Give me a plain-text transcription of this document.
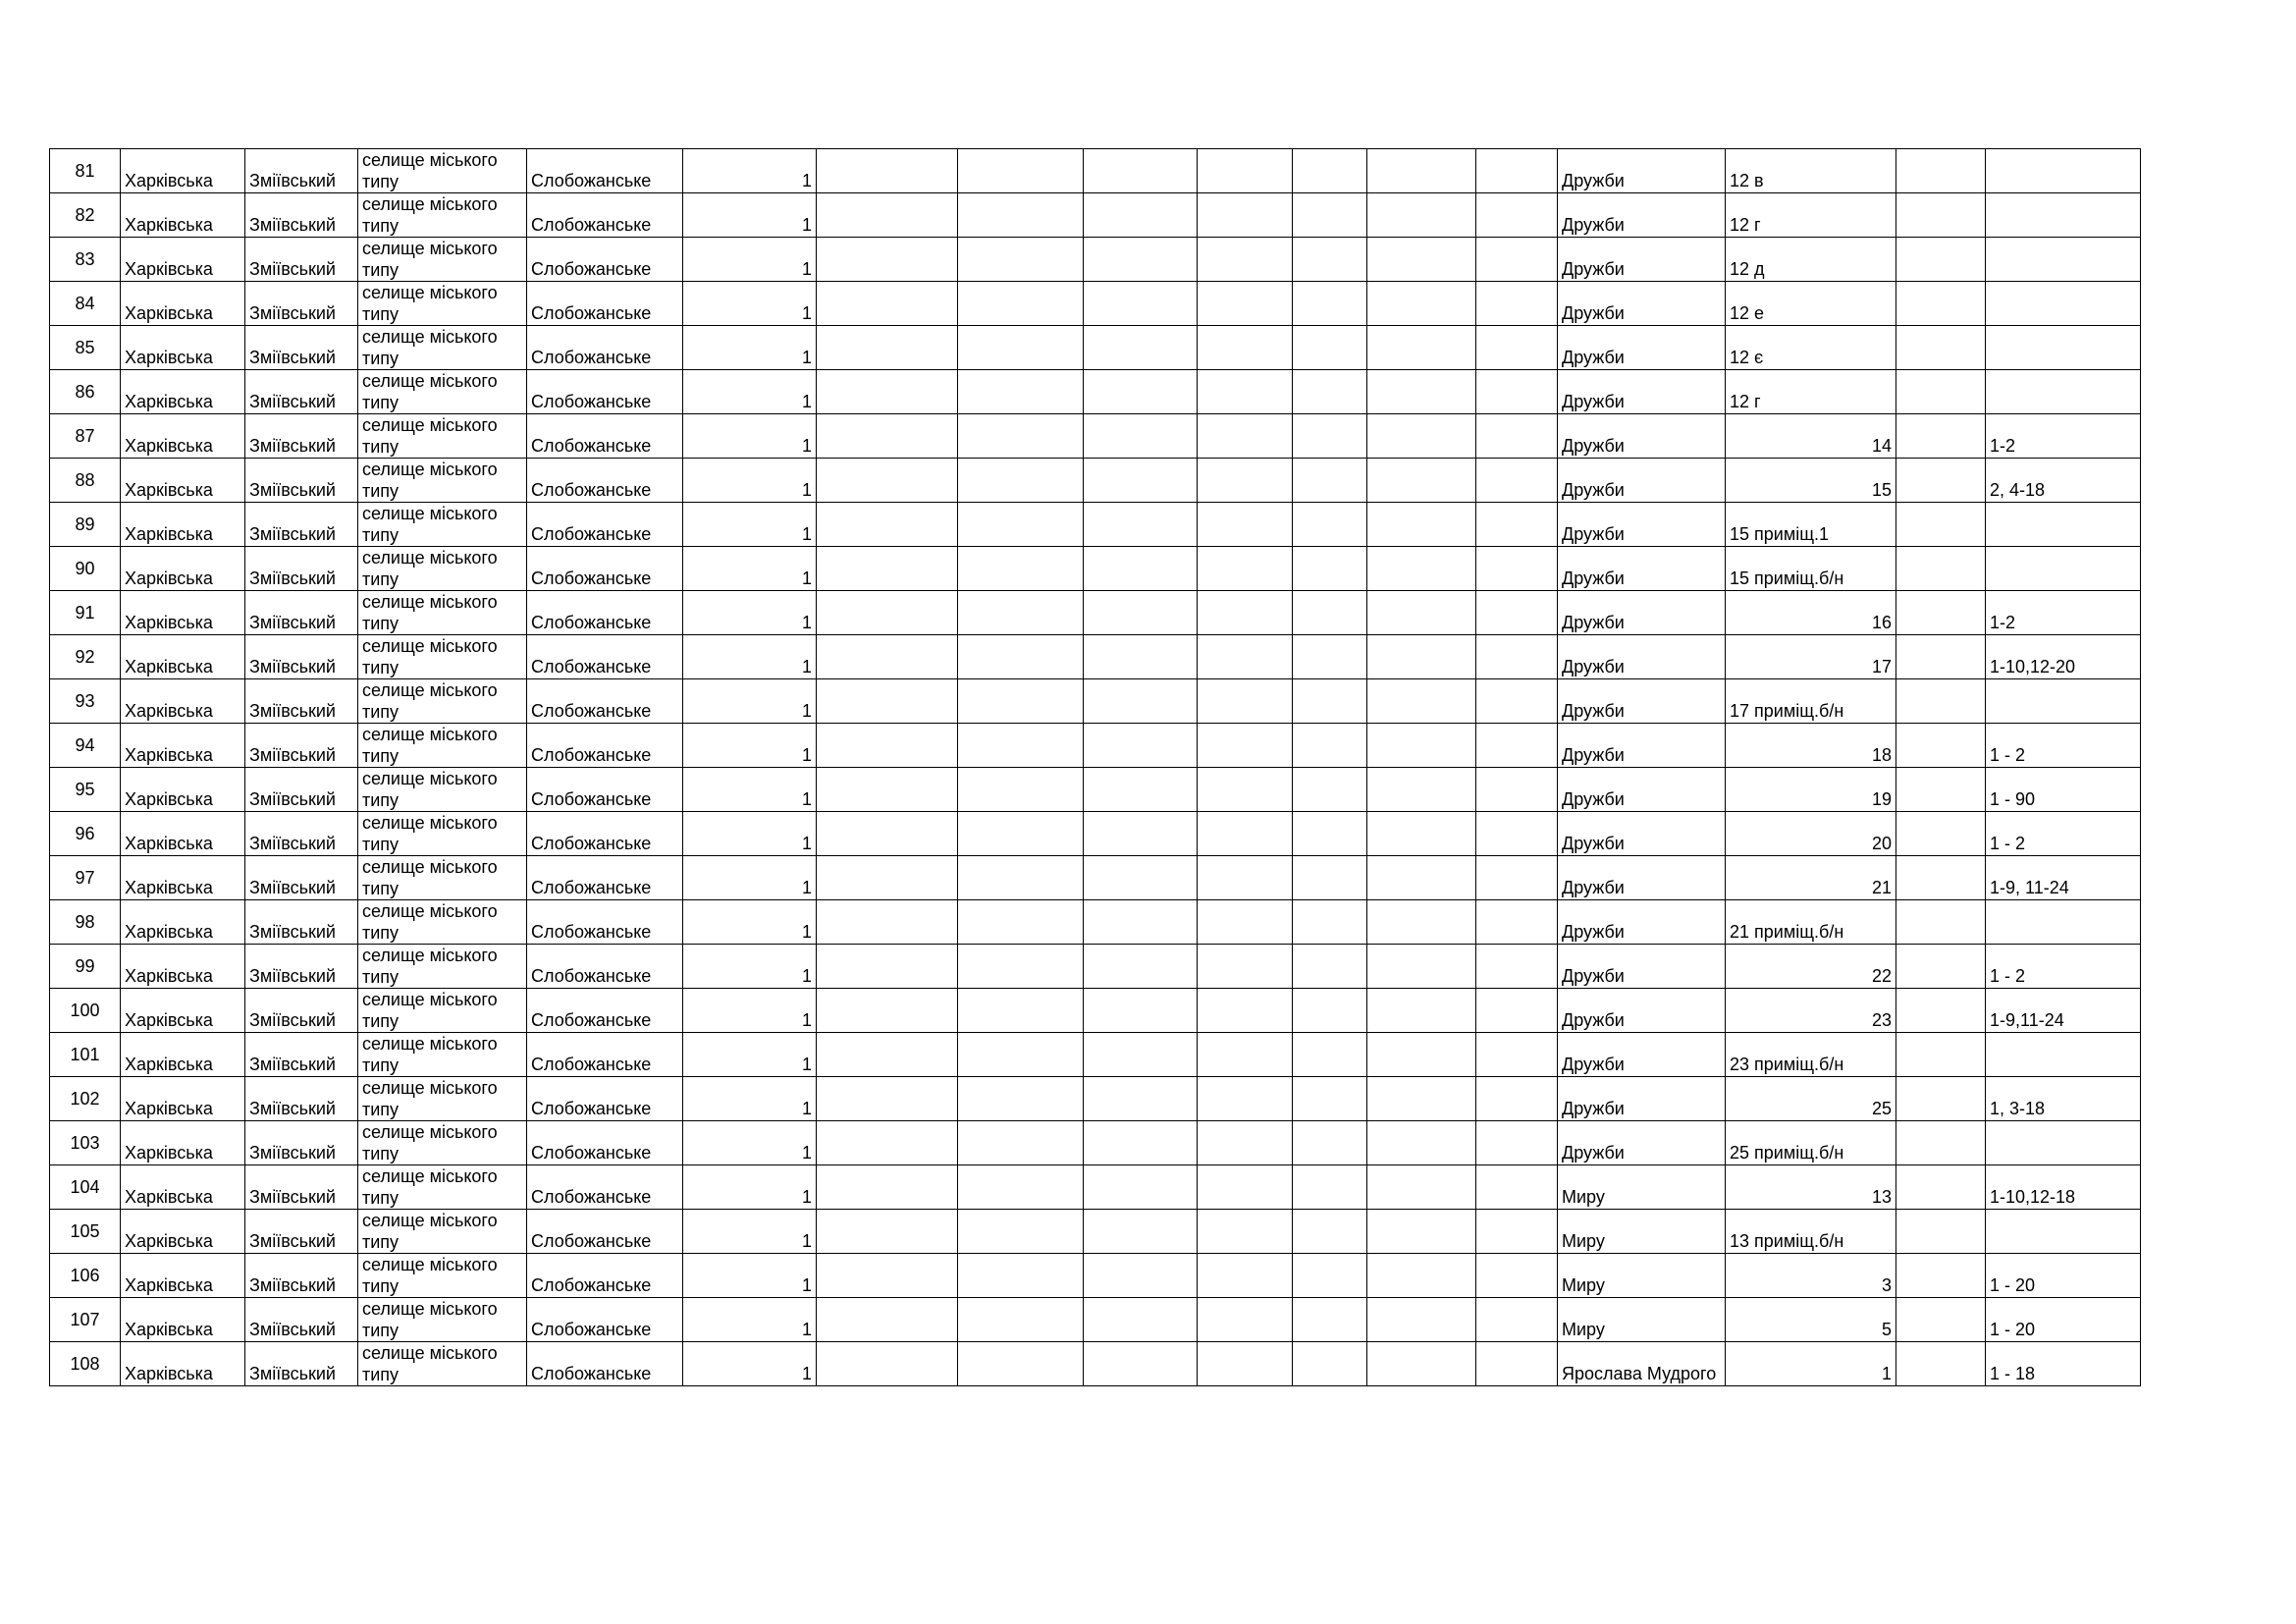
81	Харківська	Зміївський	селище міського типу	Слобожанське	1								Дружби	12 в		
82	Харківська	Зміївський	селище міського типу	Слобожанське	1								Дружби	12 г		
83	Харківська	Зміївський	селище міського типу	Слобожанське	1								Дружби	12 д		
84	Харківська	Зміївський	селище міського типу	Слобожанське	1								Дружби	12 е		
85	Харківська	Зміївський	селище міського типу	Слобожанське	1								Дружби	12 є		
86	Харківська	Зміївський	селище міського типу	Слобожанське	1								Дружби	12 г		
87	Харківська	Зміївський	селище міського типу	Слобожанське	1								Дружби	14		1-2
88	Харківська	Зміївський	селище міського типу	Слобожанське	1								Дружби	15		2, 4-18
89	Харківська	Зміївський	селище міського типу	Слобожанське	1								Дружби	15 приміщ.1		
90	Харківська	Зміївський	селище міського типу	Слобожанське	1								Дружби	15 приміщ.б/н		
91	Харківська	Зміївський	селище міського типу	Слобожанське	1								Дружби	16		1-2
92	Харківська	Зміївський	селище міського типу	Слобожанське	1								Дружби	17		1-10,12-20
93	Харківська	Зміївський	селище міського типу	Слобожанське	1								Дружби	17 приміщ.б/н		
94	Харківська	Зміївський	селище міського типу	Слобожанське	1								Дружби	18		1 - 2
95	Харківська	Зміївський	селище міського типу	Слобожанське	1								Дружби	19		1 - 90
96	Харківська	Зміївський	селище міського типу	Слобожанське	1								Дружби	20		1 - 2
97	Харківська	Зміївський	селище міського типу	Слобожанське	1								Дружби	21		1-9, 11-24
98	Харківська	Зміївський	селище міського типу	Слобожанське	1								Дружби	21 приміщ.б/н		
99	Харківська	Зміївський	селище міського типу	Слобожанське	1								Дружби	22		1 - 2
100	Харківська	Зміївський	селище міського типу	Слобожанське	1								Дружби	23		1-9,11-24
101	Харківська	Зміївський	селище міського типу	Слобожанське	1								Дружби	23 приміщ.б/н		
102	Харківська	Зміївський	селище міського типу	Слобожанське	1								Дружби	25		1, 3-18
103	Харківська	Зміївський	селище міського типу	Слобожанське	1								Дружби	25 приміщ.б/н		
104	Харківська	Зміївський	селище міського типу	Слобожанське	1								Миру	13		1-10,12-18
105	Харківська	Зміївський	селище міського типу	Слобожанське	1								Миру	13 приміщ.б/н		
106	Харківська	Зміївський	селище міського типу	Слобожанське	1								Миру	3		1 - 20
107	Харківська	Зміївський	селище міського типу	Слобожанське	1								Миру	5		1 - 20
108	Харківська	Зміївський	селище міського типу	Слобожанське	1								Ярослава Мудрого	1		1 - 18
